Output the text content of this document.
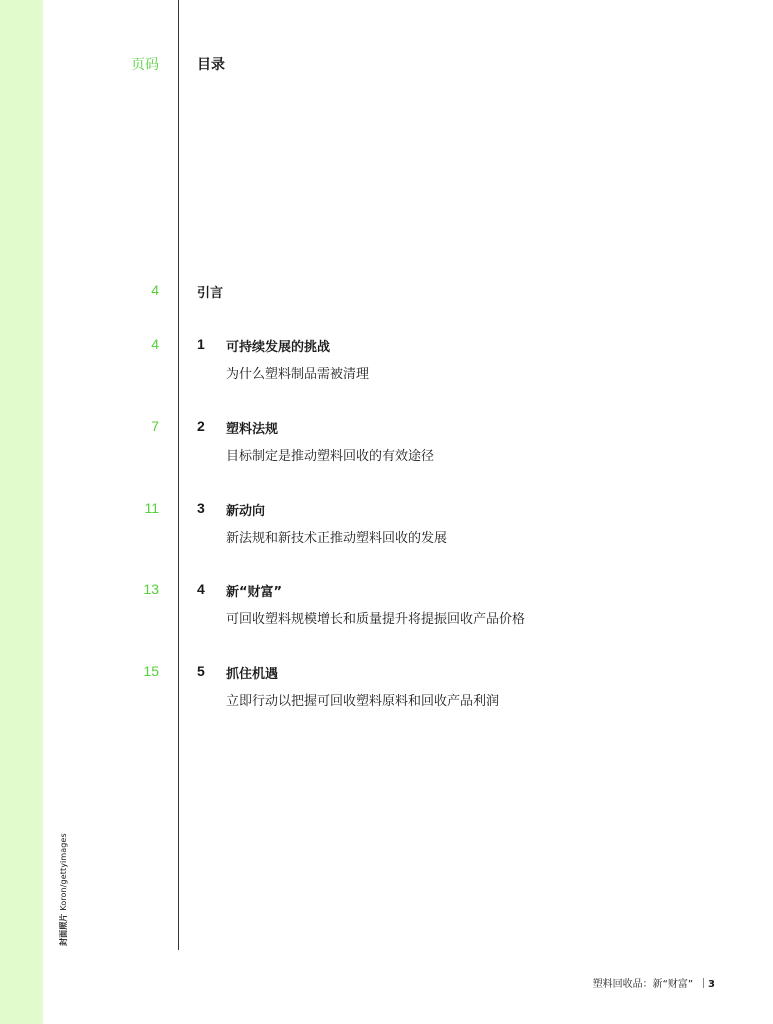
封面照片Koron/gettyimages
页码	目录
4	引言
4	1 可持续发展的挑战
为什么塑料制品需被清理
7	2 塑料法规
目标制定是推动塑料回收的有效途径
11	3 新动向
新法规和新技术正推动塑料回收的发展
13	4 新“财富”
可回收塑料规模增长和质量提升将提振回收产品价格
15	5 抓住机遇
立即行动以把握可回收塑料原料和回收产品利润
塑料回收品：新“财富” 3
